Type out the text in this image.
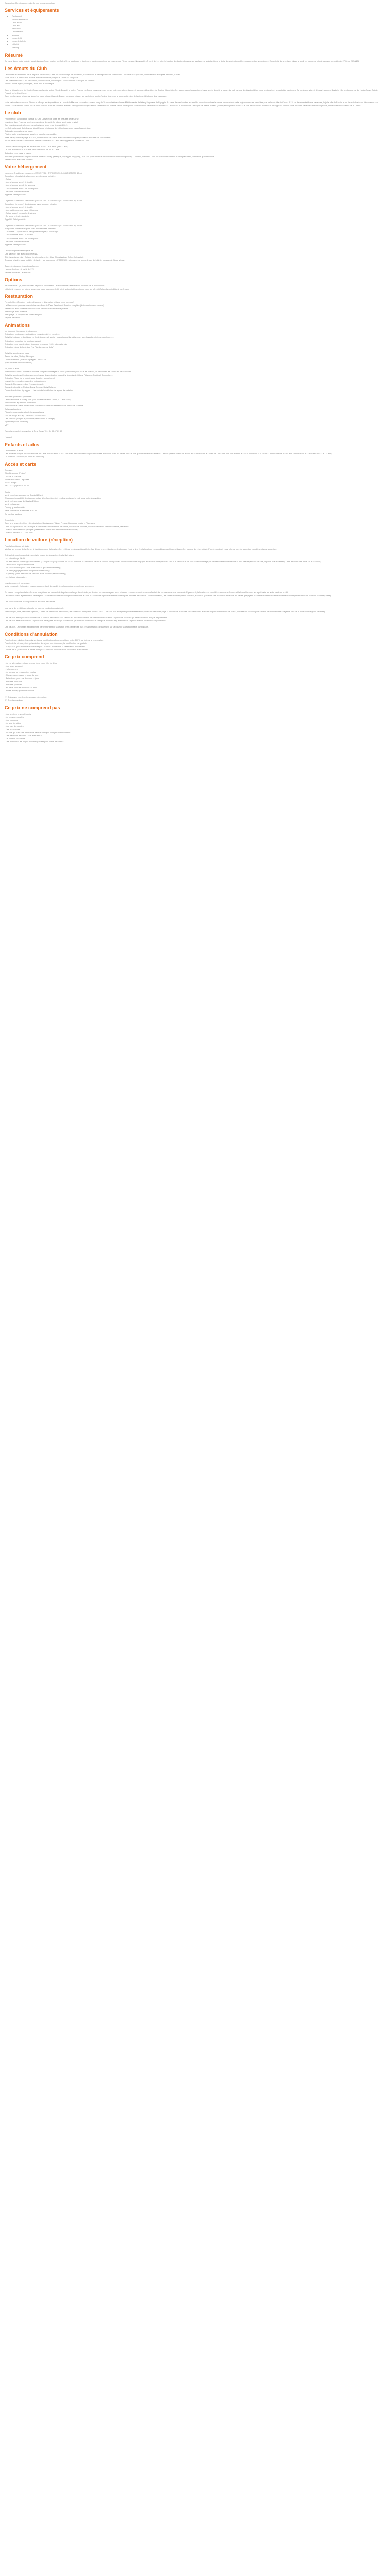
Description Ce prix comprend / Ce prix ne comprend pas

Services et équipements
• Restaurant
• Piscine extérieure
• Club enfant
• Club ado
• Télévision
• Climatisation
• Ménage
• Linge de lit
• Linge de toilette
• Lit bébé
• Parking
Résumé

Au cœur d'une vaste pinède, les pieds dans l'eau, piscine, ce Club Vill est idéal pour « farniente » ou découvrir tous les charmes de l'île de beauté. Nouveauté : À partir du 1er juin, la location de chaises longues sur la plage est gratuite (dans la limite du stock disponible) uniquement en supplément. Exclusivité dans certains dates le lundi, un bonus de prix de pension complète du 27/06 au 29/08/25.

Les Atouts du Club

Découvrez les richesses de la région « Plu Alcrem, Calvi, les roses village de Bonifacio, Saint Florent et les vignobles de Patrimonio, Douzie et le Cap Corse, Porto et les Calanques de Piana, Corte...
Votre vous à la pinède aux marine avec le centre de plongée à 15 km du site (pour
Des chambres avec 2 à 4 personnes, un ambiance, concertgy VTT conviennent publique, les familles...
Profitez d'une région privilégiée, entre mer et montagne.

Dans le département de Haute-Corse, sur la côte est de l'île de Beauté, le club « Pinèdo » à Borgo vous ouvre ses portes entre mer et montagnes à quelques kilomètres de Bastia. Il bénéficie d'un cadre naturel exceptionnel avec accès direct à la plage. Le club est une destination idéale pour la plongée et les activités nautiques. De nombreux sites à découvrir comme Bastia la ville la plus grande de Haute-Corse, Saint-Florent, ou le Cap Corse.
Dans ce club vous séjournez à pied du plage et du village de Borgo, commune d'Assi; les habitations sont à l'ombre des pins, le logement à pied de la plage, idéal pour des vacances.

Votre cadre de vacances « Pinèdo » à Borgo est implanté sur le Lido de la Marana, un cordon sableux long de 10 km qui sépare la mer Méditerranée de l'étang lagunaire de Biguglia. Au cœur de ces habitats en famille, vous découvrirez la nature préservée de cette région comprise parmi les plus belles de Haute-Corse. À 13 km de votre résidence vacances, la jolie ville de Bastia et les lieux de loisirs ou découvertes en famille : vous attirent Fillinet sur le Vieux Port ou dans sa citadelle, admirez ses églises baroques et son tabernacle du 17ème siècle, tel un guide pour découvrir la ville et ses alentours. Le club est à proximité de l'aéroport de Bastia Poretta (20 km) et du port de Bastia. Le club de vacances « Pinèdo » à Borgo est l'endroit rêvé pour des vacances mêlant baignade, farniente et découvertes de la Corse.

Le club

Proximité de l'aéroport de Bastia, du Cap Corse et de toute les beautés de la Corse.
Les pieds dans l'eau sur une immense plage de sable fin (plage aménagée privée)
Des chambres sont à l'ombre des pins (sous réserve de disponibilités).
Le Club est classé 3 étoiles par Atout France et dispose de 18 hectares, avec magnifique pinède.
Baignade, animations sur place.
Piscine toute la saison avec solarium, planches de paddle.
Base nautique sur la plage du Club, ouverte toute la saison avec activités nautiques (certaines activités en supplément).
« Club sans voiture » : circulation interne à l'intérieur du Club, parking gratuit à l'entrée du Club.

Club de l'animation pour les enfants dès 4 ans. Club ados. (dès 11 ans)
Un club enfants de 4 à 10 ans et un club ados de 11 à 17 ans.
Animation pour toute la saison
Activités sportives et ludiques : tennis de table, volley, pétanque, aquagym, ping pong, tir à l'arc (sous réserve des conditions météorologiques) ..., football, activités ... sur « Cyclisme et activités » et le plan d'eau, animation grande scène.
Restauration à la carte, Buvette.

Votre hébergement

Logement 3 cabines 4 personnes (ESSENTIEL | TERRASSE | CLIMATISATION) 40 m²
Bungalows climatisé de plain-pied avec terrasse privative
- Séjour
- Une chambre avec 1 lit double
- Une chambre avec 2 lits simples
- Une chambre avec 2 lits superposés
- Terrasse privative équipée
Appel tél Bébé possible

Logement 2 cabines 4 personnes (ESSENTIEL | TERRASSE | CLIMATISATION) 30 m²
Bungalows (chambre) de plain-pied avec terrasse privative
- Une chambre avec 1 lit double
- Une petite chambre avec 1 lit simple
- Séjour avec 1 banquette lit simple
- Terrasse privative équipée
Appel tél Bébé possible

Logement 3 cabines 6 personnes (ESSENTIEL | TERRASSE | CLIMATISATION) 45 m²
Bungalows climatisé de plain-pied avec terrasse privative
- Chambre 1 séjour avec 1 banquette lit simple (1 couchage)
- Une chambre avec 1 lit double
- Une chambre avec 2 lits superposés
- Terrasse privative équipée
Appel tél Bébé possible

Chaque logement est équipé de :
Une salle de bain avec douche et WC
Télévision écran plat - Cuisine fonctionnelle, évier, frigo, Climatisation, Coffre- fort gratuit
Terrasse privative avec mobilier de jardin : les logements « PREMIUM » disposent de draps, linges de toilette, ménage de fin de séjour.

Toutes les logements sont non-fumeur
Heures d'arrivée : à partir de 17h
Heures de départ : avant 10h

Options

Kit bébé offert : (lit, chaise haute, baignoire, rehausseur... sur demande à effectuer au moment de la réservation)
Lit bébé à réserver en même temps que votre logement, le kit bébé est gratuit (mentionné dans les offres) (Selon disponibilités, à confirmer)

Restauration

Formule Demi-Pension : petits-déjeuners et dîners (vin et table pour boissons)
Le Restaurant propose une cuisine avec formule Demi-Pension et Pension complète (boissons incluses ou non)
Restaurant avec terrasse dans un cadre naturel avec vue sur la pinède
Bar lounge avec terrasse
Bar : plage Lu Paquellu en soirée et Apéro
Espace barbecue

Animations

Un forum de bienvenue le dimanche
Animations en journée : animations en après-midi et en soirée
Activités ludiques et familiales en fin de journée et soirée : tournois sportifs, pétanque, jeux, karaoké, cinéma, spectacles ...
Animations en soirée du lundi au samedi
Animation pour tous les âges dans une ambiance 100% internationale
Animation plage de la pinède "Le Pinèdo vous de Lola"

Activités sportives sur place :
Tennis de table, Volley, Pétanque...
Cours de fitness (ainsi qu'aquagym LohHYC™
(sous réserve de disponibilités)

En juillet et août :
"Bienvenue Teens": profitez d'une offre complète de stages et cours particuliers pour tous les niveaux, et découvrez les sports en haute qualité
Activités sportives et ludiques encadrées par des animateurs sportifs, tournois de Volley, Pétanque, Football, Badminton...
Animation Plage de la pinède pour tous (en supplément)
Les activités encadrées par des professionnels
Cours de Fitness avec Lou (en supplément)
Cours de stretching, Pilates, Body Combat, Body Balance
Cours de natation, Aquagym, ... les enfants bénéficient de leçons de natation ...

Activités sportives à proximité :
Centre équestre et poney club (tarif préférentiel env. 15 km, VTT sur place)
Randonnées aquatiques d'initiation
Randonnée au cœur de la nature préservée Corse aux sentiers de la pinède de Marana
Calamaretourisme
Plongée sous-marine et activités aquatiques
Golf de Borgo au Cap Corse ou Corse du Sud
Des sites de plongée à proximité (centre dans le village)
Sportivité (cours collectifs)
VTT

Renseignement et réservation à Terra Corsa Tel.: 04 95 47 69 48

* payant

Enfants et ados

Club enfants et ados :
Des espaces conçus pour les enfants de 3 ans à 5 ans et de 6 à 12 ans avec des activités ludiques et variées aux clubs. Tout est pensé pour le plus grand bonheur des enfants... et des parents ! Le Club enfant est ouvert de 9h à 12h et de 15h à 18h. Un club enfants au Club Pinèdo de 6 à 14 ans. Le mini-club de 4 à 10 ans, ouvert de 11 à 13 ans et Ados 13 à 17 ans).
Du 27/06 au 29/08/25 (du lundi au vendredi)

Accès et carte

Adresse :
Club Belambra "Pinèdo"
Lido de la Marana
Route du Cordon Lagunaire
20290 Borgo
Tél. : + 33 (0)4 95 30 56 50

Accès :
Venir en avion : aéroport de Bastia (15 km)
A l'aéroport possibilité de réserver un taxi à tarif préférentiel, veuillez contacter le club pour toute réservation
Venir en train : gare de Bastia (25 km)
Venir en bateau :
Parking gratuit au club
Taxis commerce et services à 300m
Au bord de la plage

A proximité :
Dans une rayon de 400m : Administration, Boulangerie, Tabac, Presse, Bureau de poste et Pharmacie
Dans un rayon de 15 km : Banque et distributeur automatique de billets, Location de voitures, Location de vélos, Station essence, Médecins
Location de matériel de plongée (Réservation au forum d'information le dimanche).
Location de vélos VTT : au club

Location de voiture (réception)

Pour la location du véhicule :
Vérifiez les modes de la Corse, à fonctionnement la location d'un véhicule en réservation et le tarif au 1 jour et les réductions, des bureaux (voir le lien) (en la location, voir conditions par l'intermédiaire d'un numéro de réservation). Prendre contact, vous informe plus de garanties complémentaires souscrites.

A défaut de mention contraire précisée lors de la réservation, les tarifs incluent :
- un kilométrage illimité ;
- les assurances dommages accidentels (CDW) et vol (TP) : en cas de vol du véhicule ou d'accident causé à celui-ci, vous pouvez vous trouver limité de payer les frais et de réparation, sauf si le véhicule a été volé ou endommagé par un tiers clairement identifié et non assuré (et dans ce cas, la police doit le vérifier). Dans les deux cas de la TP et la CDW ;
- l'assurance responsabilité civile ;
- les taxes locales (TVA, taxe d'aéroport et gouvernementales) ;
- Le nettoyage (également aux prix et de services)
- le parking (dans des lieux de services et de location (selon contrat)) ;
- les frais de réservation.

Les documents à présenter :
Votre « contrat » (original et chaque document est demandé, les photocopies ne sont pas acceptées.

En cas de non présentation d'une de ces pièces au moment de la prise en charge du véhicule, ce dernier ne vous sera pas remis et aucun remboursement ne sera effectué. Le rendez-vous sera conservé. Également, la location est considérée comme effectuée et la franchise vous sera prélevée sur votre carte de crédit.
La carte de crédit à présenter à la réception : la carte bancaire doit obligatoirement être au nom du conducteur principal et être valable pour la durée de location. Pour information, les cartes de débit (cartes Electron, Maestro...) ne sont pas acceptées ainsi que les cartes prépayées. La carte de crédit doit être un véritable code (informations de carte de crédit requises)

Une pièce d'identité ou un passeport en cours de validité.

Une carte de crédit internationale au nom du conducteur principal :
Par exemple, Visa, certaines agences, 1 carte de crédit sera demandée, les cartes de débit (carte bleue : Visa ...) ne sont pas acceptées pour la réservation (voir dans certaines pays si un débit de franchise sera demandé) avec les dépôts au minimum de 1 ou 2 journées de location (une caution sera demandée à l'agence lors de la prise en charge du véhicule).

Une caution est déposée au moment de la remise des clés et sera rendue au retour en fonction de l'état du véhicule et de l'agence de location qui détient le choix du type de paiement.
Une caution sera demandée à l'agence lors de la prise en charge du véhicule (le montant varie selon la catégorie du véhicule), à remettre à l'agence et sous réserve de disponibilités.

Une caution, Le montant est déterminé par le montant de la caution mais demandée pas pré-autorisation de paiement sur la base de la caution réelle ou véhicule.

Conditions d'annulation

Pour toute annulation : les seuls sont pour modification et non conditions cette, 100% de frais de la réservation.
Pour toute la période, si de présentation du séjour plus d'un mois, la modification est gratuite.
- Jusqu'à 30 jours avant le début du séjour : 10% du montant de la réservation avec retenu
- Moins de 30 jours avant le début du séjour : 100% du montant de la réservation avec retenu

Ce prix comprend

- Le vol aller-retour, pris en charge dans votre ville de départ
- Les taxes aéroport
- Hébergement
- La formule de restauration choisie
- Clubs enfants, parcs et aires de jeux
- Animations pour une durée de 4 jours
- Activités pour tous
- Activités sportives
- Kit bébé pour les moins de 24 mois
- Accès aux équipements du club

(1) À réserver en même temps que votre séjour
(2) À certaines dates

Ce prix ne comprend pas

- Les services et suppléments
- La pension complète
- Les boissons
- La taxe de séjour
- Les frais de dossiers
- Les assurances
- Tout ce qui n'est pas mentionné dans la rubrique "Nos prix comprennent"
- Les transferts aéroport / club aller-retour
- La location de voiture
- Les musées et les plages sommes (privées) sur le site de Marina
